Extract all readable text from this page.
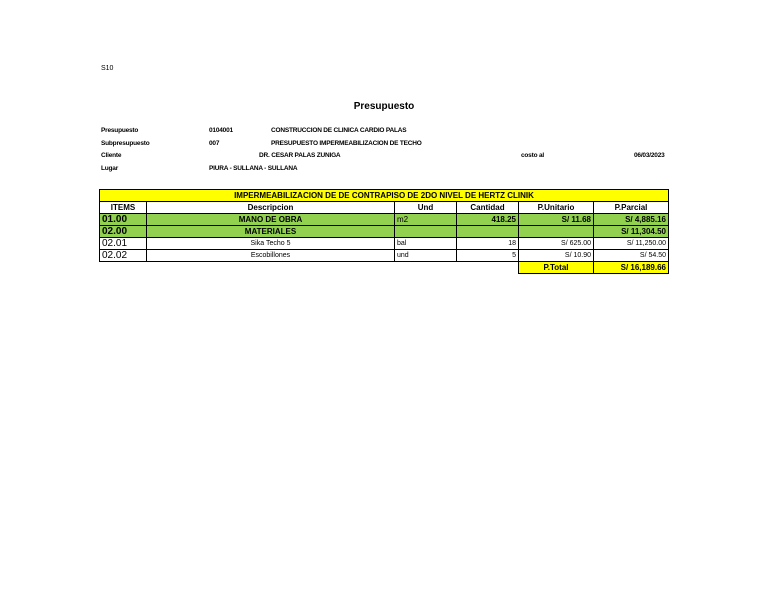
S10
Presupuesto
Presupuesto	0104001	CONSTRUCCION DE CLINICA CARDIO PALAS
Subpresupuesto	007	PRESUPUESTO IMPERMEABILIZACION DE TECHO
Cliente	DR. CESAR PALAS ZUNIGA	costo al	06/03/2023
Lugar	PIURA - SULLANA - SULLANA
IMPERMEABILIZACION DE DE CONTRAPISO DE 2DO NIVEL DE HERTZ CLINIK					
ITEMS	Descripcion	Und	Cantidad	P.Unitario	P.Parcial
01.00	MANO DE OBRA	m2	418.25	S/ 11.68	S/ 4,885.16
02.00	MATERIALES				S/ 11,304.50
02.01	Sika Techo 5	bal	18	S/ 625.00	S/ 11,250.00
02.02	Escobillones	und	5	S/ 10.90	S/ 54.50
				P.Total	S/ 16,189.66
